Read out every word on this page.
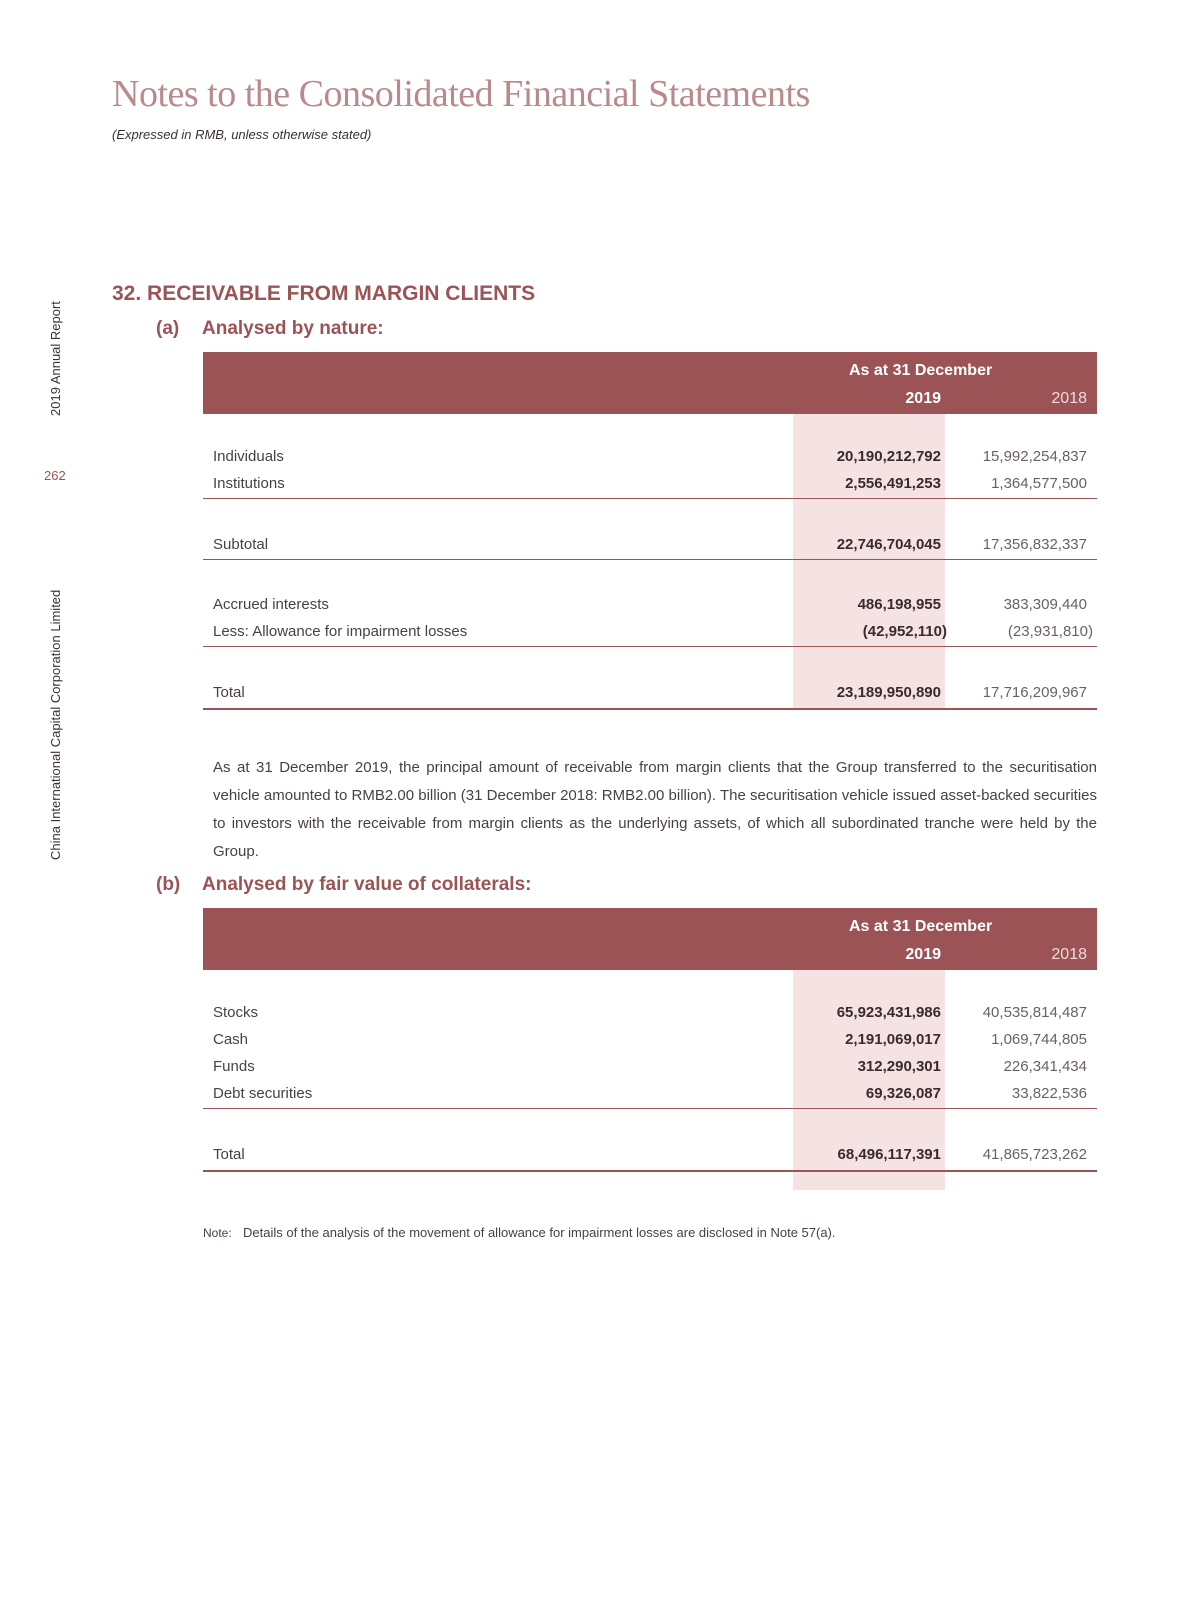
Notes to the Consolidated Financial Statements
(Expressed in RMB, unless otherwise stated)
2019 Annual Report
262
China International Capital Corporation Limited
32. RECEIVABLE FROM MARGIN CLIENTS
(a) Analysed by nature:
As at 31 December
2019	2018
Individuals	20,190,212,792	15,992,254,837
Institutions	2,556,491,253	1,364,577,500
Subtotal	22,746,704,045	17,356,832,337
Accrued interests	486,198,955	383,309,440
Less: Allowance for impairment losses	(42,952,110)	(23,931,810)
Total	23,189,950,890	17,716,209,967

As at 31 December 2019, the principal amount of receivable from margin clients that the Group transferred to the securitisation vehicle amounted to RMB2.00 billion (31 December 2018: RMB2.00 billion). The securitisation vehicle issued asset-backed securities to investors with the receivable from margin clients as the underlying assets, of which all subordinated tranche were held by the Group.

(b) Analysed by fair value of collaterals:
As at 31 December
2019	2018
Stocks	65,923,431,986	40,535,814,487
Cash	2,191,069,017	1,069,744,805
Funds	312,290,301	226,341,434
Debt securities	69,326,087	33,822,536
Total	68,496,117,391	41,865,723,262
Note: Details of the analysis of the movement of allowance for impairment losses are disclosed in Note 57(a).
